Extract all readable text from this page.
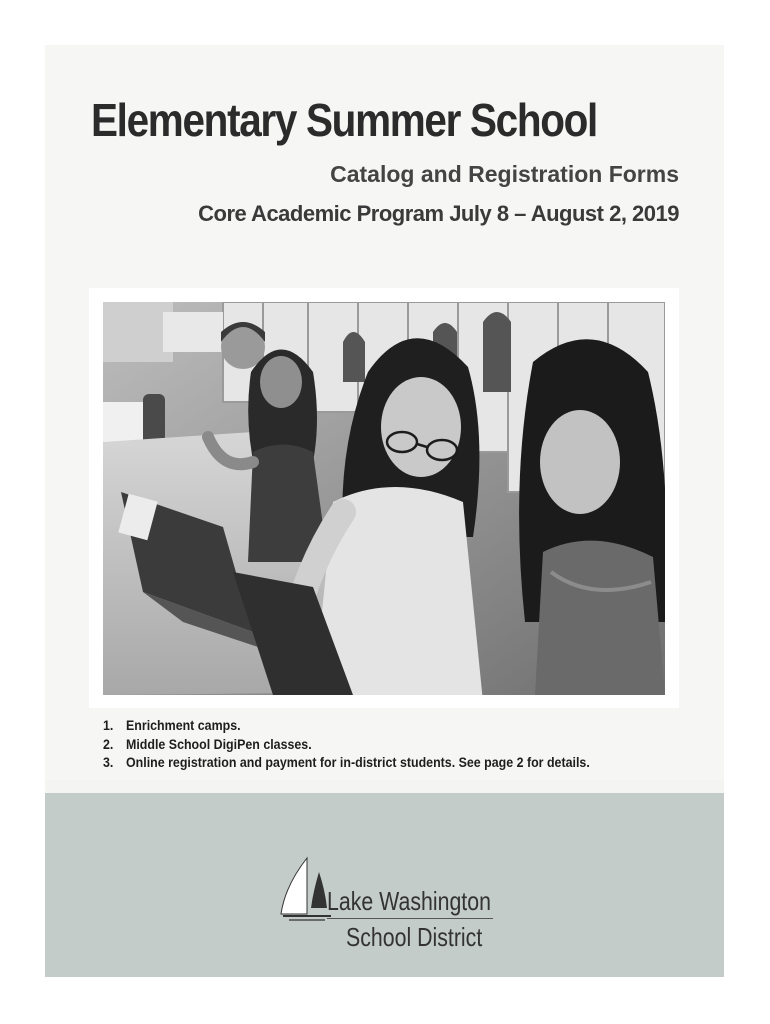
Elementary Summer School
Catalog and Registration Forms
Core Academic Program July 8 – August 2, 2019
1. Enrichment camps.
2. Middle School DigiPen classes.
3. Online registration and payment for in-district students. See page 2 for details.
Lake Washington
School District
